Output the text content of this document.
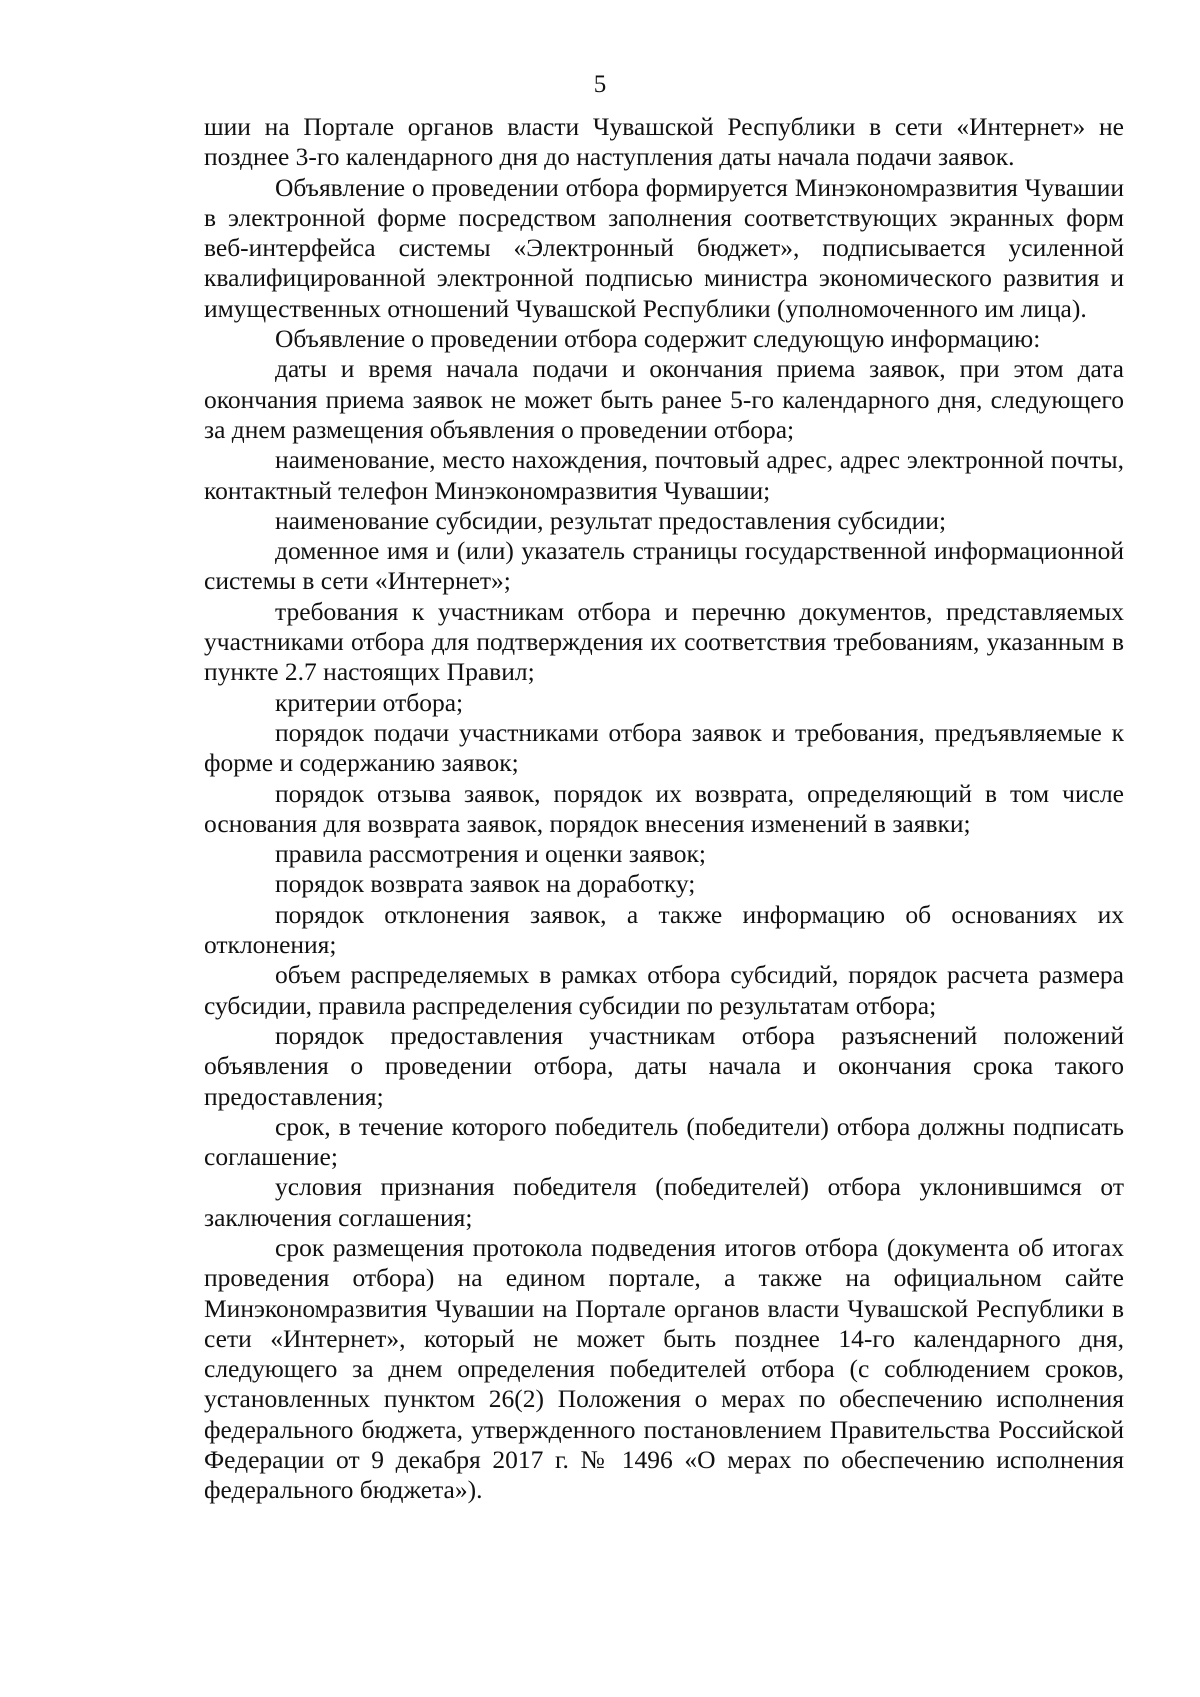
5

шии на Портале органов власти Чувашской Республики в сети «Интернет» не позднее 3-го календарного дня до наступления даты начала подачи заявок.

Объявление о проведении отбора формируется Минэкономразвития Чувашии в электронной форме посредством заполнения соответствующих экранных форм веб-интерфейса системы «Электронный бюджет», подписывается усиленной квалифицированной электронной подписью министра экономического развития и имущественных отношений Чувашской Республики (уполномоченного им лица).

Объявление о проведении отбора содержит следующую информацию:

даты и время начала подачи и окончания приема заявок, при этом дата окончания приема заявок не может быть ранее 5-го календарного дня, следующего за днем размещения объявления о проведении отбора;

наименование, место нахождения, почтовый адрес, адрес электронной почты, контактный телефон Минэкономразвития Чувашии;

наименование субсидии, результат предоставления субсидии;

доменное имя и (или) указатель страницы государственной информационной системы в сети «Интернет»;

требования к участникам отбора и перечню документов, представляемых участниками отбора для подтверждения их соответствия требованиям, указанным в пункте 2.7 настоящих Правил;

критерии отбора;

порядок подачи участниками отбора заявок и требования, предъявляемые к форме и содержанию заявок;

порядок отзыва заявок, порядок их возврата, определяющий в том числе основания для возврата заявок, порядок внесения изменений в заявки;

правила рассмотрения и оценки заявок;

порядок возврата заявок на доработку;

порядок отклонения заявок, а также информацию об основаниях их отклонения;

объем распределяемых в рамках отбора субсидий, порядок расчета размера субсидии, правила распределения субсидии по результатам отбора;

порядок предоставления участникам отбора разъяснений положений объявления о проведении отбора, даты начала и окончания срока такого предоставления;

срок, в течение которого победитель (победители) отбора должны подписать соглашение;

условия признания победителя (победителей) отбора уклонившимся от заключения соглашения;

срок размещения протокола подведения итогов отбора (документа об итогах проведения отбора) на едином портале, а также на официальном сайте Минэкономразвития Чувашии на Портале органов власти Чувашской Республики в сети «Интернет», который не может быть позднее 14-го календарного дня, следующего за днем определения победителей отбора (с соблюдением сроков, установленных пунктом 26(2) Положения о мерах по обеспечению исполнения федерального бюджета, утвержденного постановлением Правительства Российской Федерации от 9 декабря 2017 г. № 1496 «О мерах по обеспечению исполнения федерального бюджета»).
